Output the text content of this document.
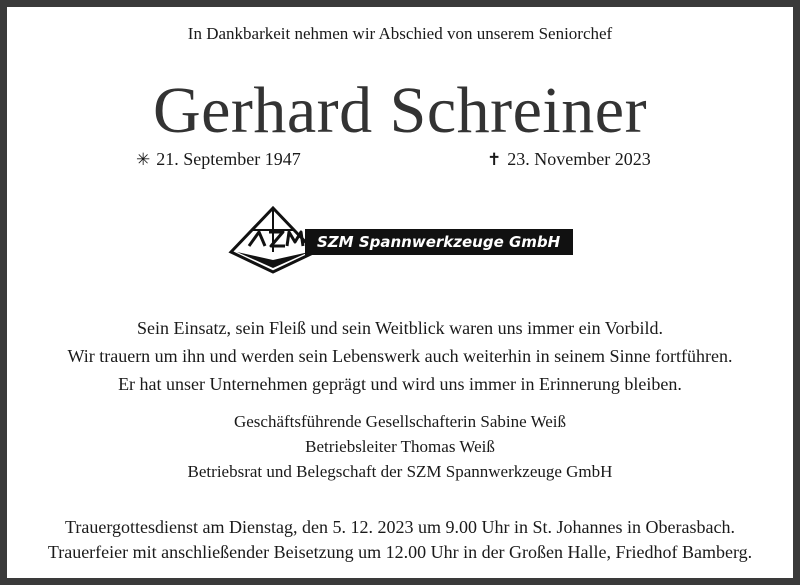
In Dankbarkeit nehmen wir Abschied von unserem Seniorchef
Gerhard Schreiner
✳ 21. September 1947	✝ 23. November 2023
SZM Spannwerkzeuge GmbH
Sein Einsatz, sein Fleiß und sein Weitblick waren uns immer ein Vorbild.
Wir trauern um ihn und werden sein Lebenswerk auch weiterhin in seinem Sinne fortführen.
Er hat unser Unternehmen geprägt und wird uns immer in Erinnerung bleiben.
Geschäftsführende Gesellschafterin Sabine Weiß
Betriebsleiter Thomas Weiß
Betriebsrat und Belegschaft der SZM Spannwerkzeuge GmbH
Trauergottesdienst am Dienstag, den 5. 12. 2023 um 9.00 Uhr in St. Johannes in Oberasbach.
Trauerfeier mit anschließender Beisetzung um 12.00 Uhr in der Großen Halle, Friedhof Bamberg.
